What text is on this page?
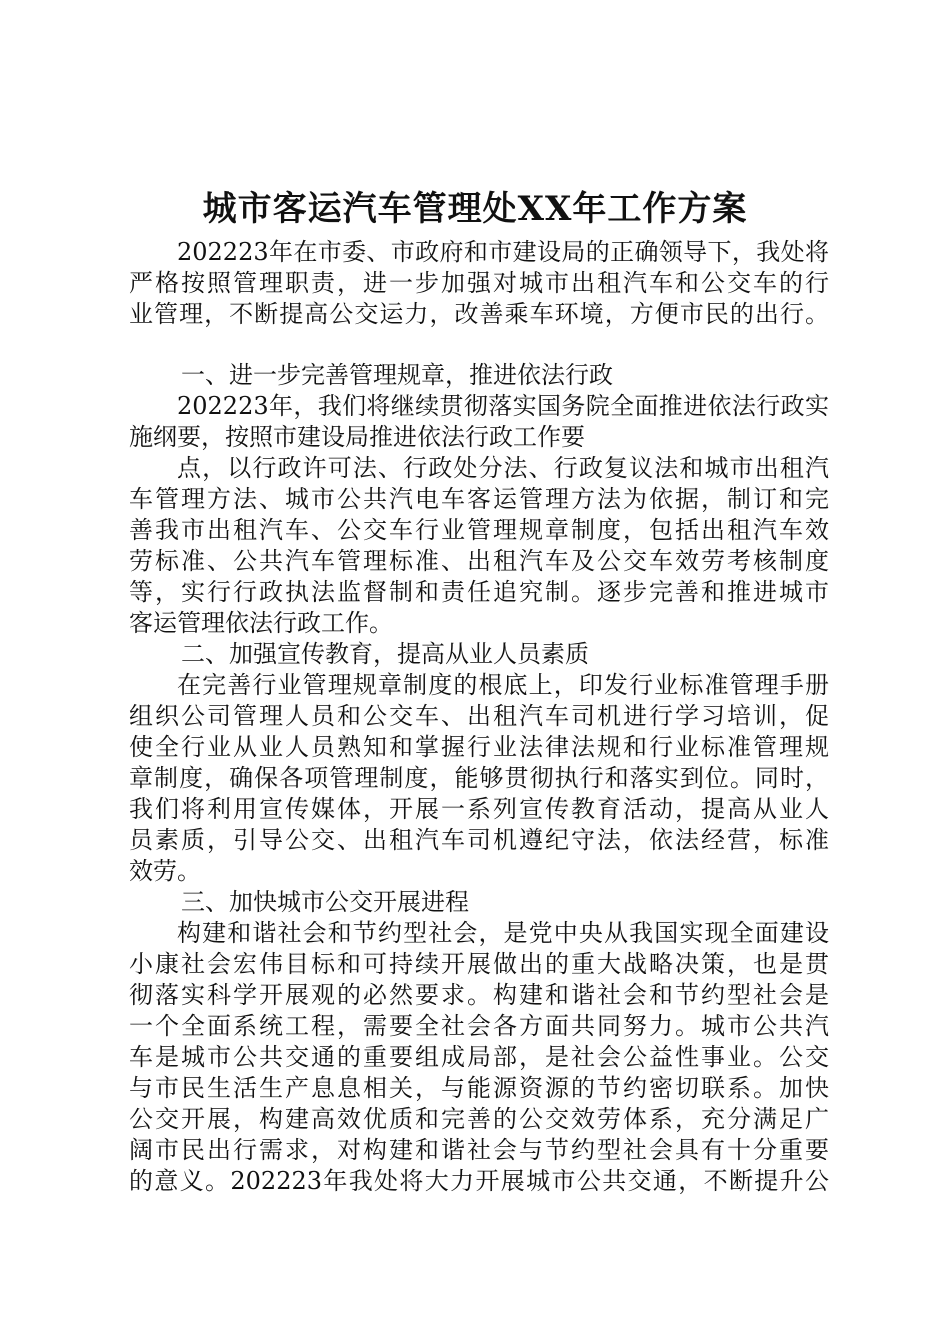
城市客运汽车管理处XX年工作方案
202223年在市委、市政府和市建设局的正确领导下，我处将
严格按照管理职责，进一步加强对城市出租汽车和公交车的行
业管理，不断提高公交运力，改善乘车环境，方便市民的出行。
一、进一步完善管理规章，推进依法行政
202223年，我们将继续贯彻落实国务院全面推进依法行政实
施纲要，按照市建设局推进依法行政工作要
点，以行政许可法、行政处分法、行政复议法和城市出租汽
车管理方法、城市公共汽电车客运管理方法为依据，制订和完
善我市出租汽车、公交车行业管理规章制度，包括出租汽车效
劳标准、公共汽车管理标准、出租汽车及公交车效劳考核制度
等，实行行政执法监督制和责任追究制。逐步完善和推进城市
客运管理依法行政工作。
二、加强宣传教育，提高从业人员素质
在完善行业管理规章制度的根底上，印发行业标准管理手册
组织公司管理人员和公交车、出租汽车司机进行学习培训，促
使全行业从业人员熟知和掌握行业法律法规和行业标准管理规
章制度，确保各项管理制度，能够贯彻执行和落实到位。同时，
我们将利用宣传媒体，开展一系列宣传教育活动，提高从业人
员素质，引导公交、出租汽车司机遵纪守法，依法经营，标准
效劳。
三、加快城市公交开展进程
构建和谐社会和节约型社会，是党中央从我国实现全面建设
小康社会宏伟目标和可持续开展做出的重大战略决策，也是贯
彻落实科学开展观的必然要求。构建和谐社会和节约型社会是
一个全面系统工程，需要全社会各方面共同努力。城市公共汽
车是城市公共交通的重要组成局部，是社会公益性事业。公交
与市民生活生产息息相关，与能源资源的节约密切联系。加快
公交开展，构建高效优质和完善的公交效劳体系，充分满足广
阔市民出行需求，对构建和谐社会与节约型社会具有十分重要
的意义。202223年我处将大力开展城市公共交通，不断提升公
